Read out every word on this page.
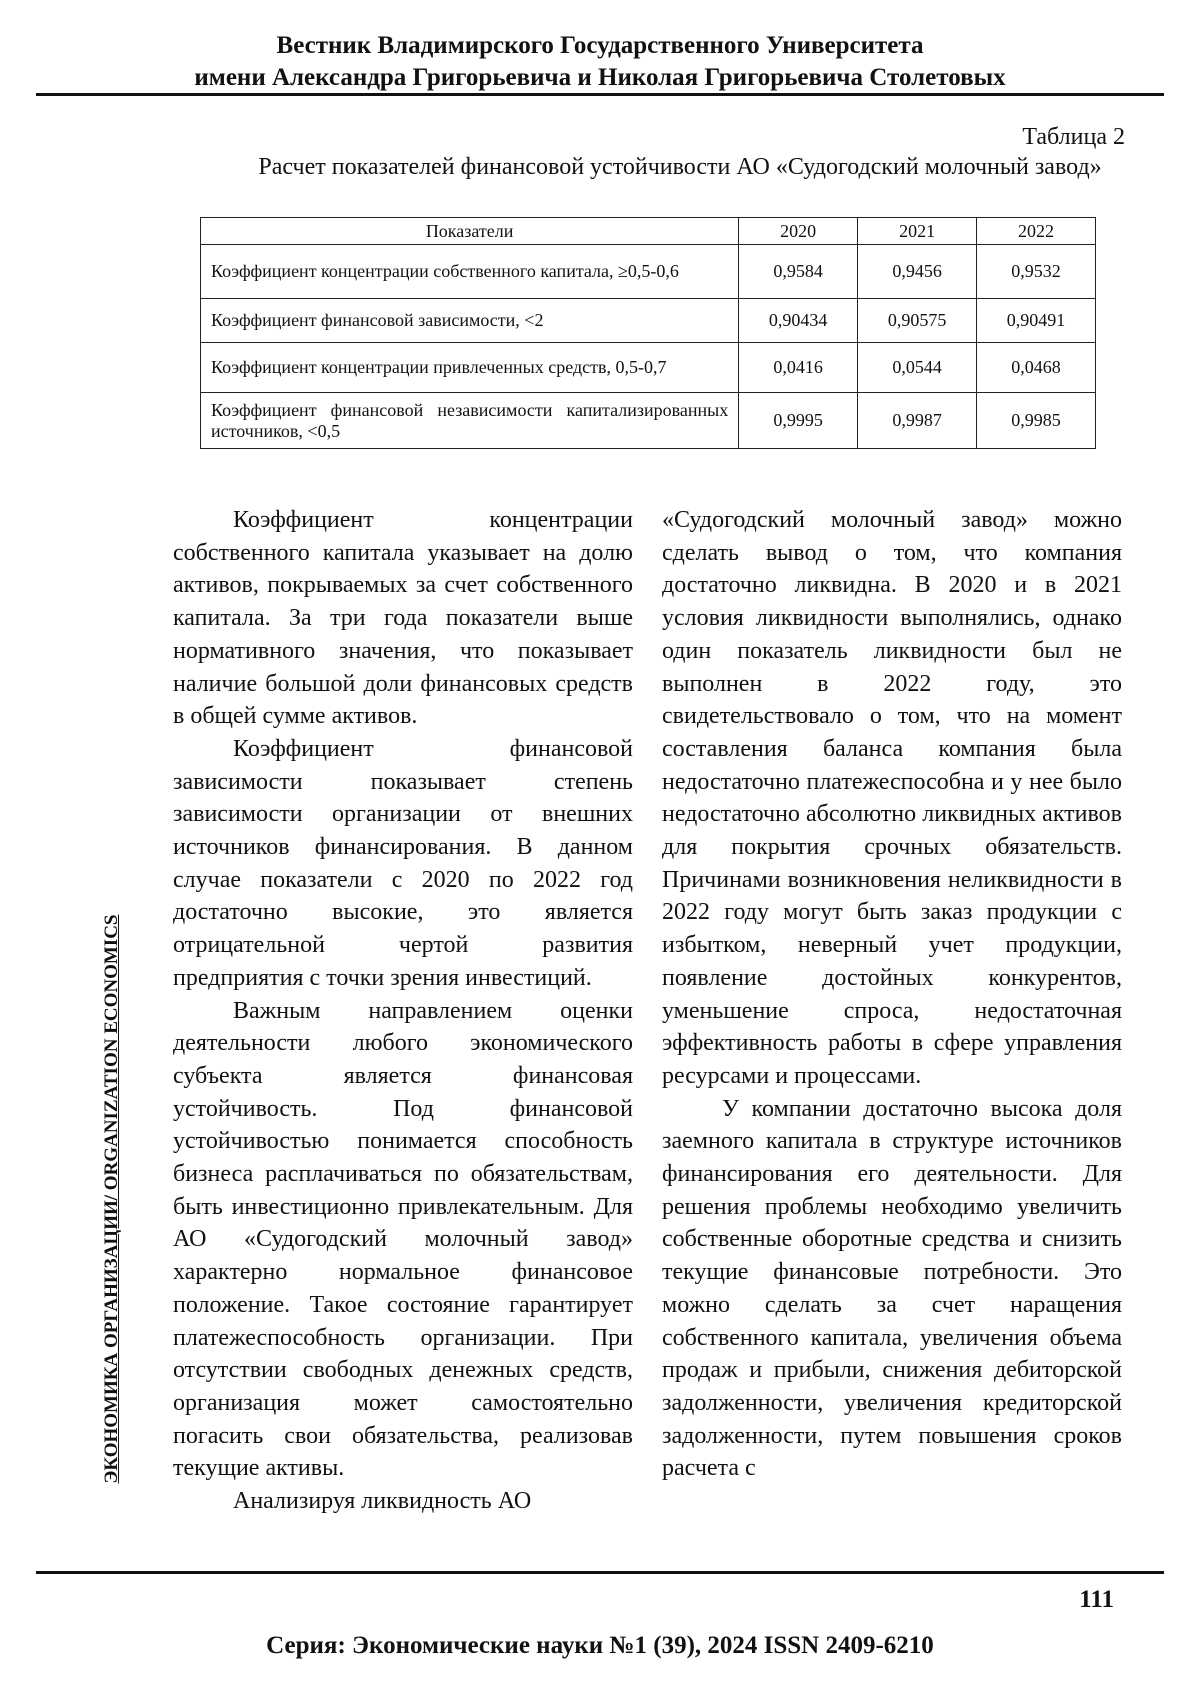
Вестник Владимирского Государственного Университета
имени Александра Григорьевича и Николая Григорьевича Столетовых
Таблица 2
Расчет показателей финансовой устойчивости АО «Судогодский молочный завод»
Показатели	2020	2021	2022
Коэффициент концентрации собственного капитала, ≥0,5-0,6	0,9584	0,9456	0,9532
Коэффициент финансовой зависимости, <2	0,90434	0,90575	0,90491
Коэффициент концентрации привлеченных средств, 0,5-0,7	0,0416	0,0544	0,0468
Коэффициент финансовой независимости капитализированных источников, <0,5	0,9995	0,9987	0,9985

Коэффициент концентрации собственного капитала указывает на долю активов, покрываемых за счет собственного капитала. За три года показатели выше нормативного значения, что показывает наличие большой доли финансовых средств в общей сумме активов.

Коэффициент финансовой зависимости показывает степень зависимости организации от внешних источников финансирования. В данном случае показатели с 2020 по 2022 год достаточно высокие, это является отрицательной чертой развития предприятия с точки зрения инвестиций.

Важным направлением оценки деятельности любого экономического субъекта является финансовая устойчивость. Под финансовой устойчивостью понимается способность бизнеса расплачиваться по обязательствам, быть инвестиционно привлекательным. Для АО «Судогодский молочный завод» характерно нормальное финансовое положение. Такое состояние гарантирует платежеспособность организации. При отсутствии свободных денежных средств, организация может самостоятельно погасить свои обязательства, реализовав текущие активы.

Анализируя ликвидность АО

«Судогодский молочный завод» можно сделать вывод о том, что компания достаточно ликвидна. В 2020 и в 2021 условия ликвидности выполнялись, однако один показатель ликвидности был не выполнен в 2022 году, это свидетельствовало о том, что на момент составления баланса компания была недостаточно платежеспособна и у нее было недостаточно абсолютно ликвидных активов для покрытия срочных обязательств. Причинами возникновения неликвидности в 2022 году могут быть заказ продукции с избытком, неверный учет продукции, появление достойных конкурентов, уменьшение спроса, недостаточная эффективность работы в сфере управления ресурсами и процессами.

У компании достаточно высока доля заемного капитала в структуре источников финансирования его деятельности. Для решения проблемы необходимо увеличить собственные оборотные средства и снизить текущие финансовые потребности. Это можно сделать за счет наращения собственного капитала, увеличения объема продаж и прибыли, снижения дебиторской задолженности, увеличения кредиторской задолженности, путем повышения сроков расчета с

ЭКОНОМИКА ОРГАНИЗАЦИИ/ ORGANIZATION ECONOMICS
111
Серия: Экономические науки №1 (39), 2024 ISSN 2409-6210
